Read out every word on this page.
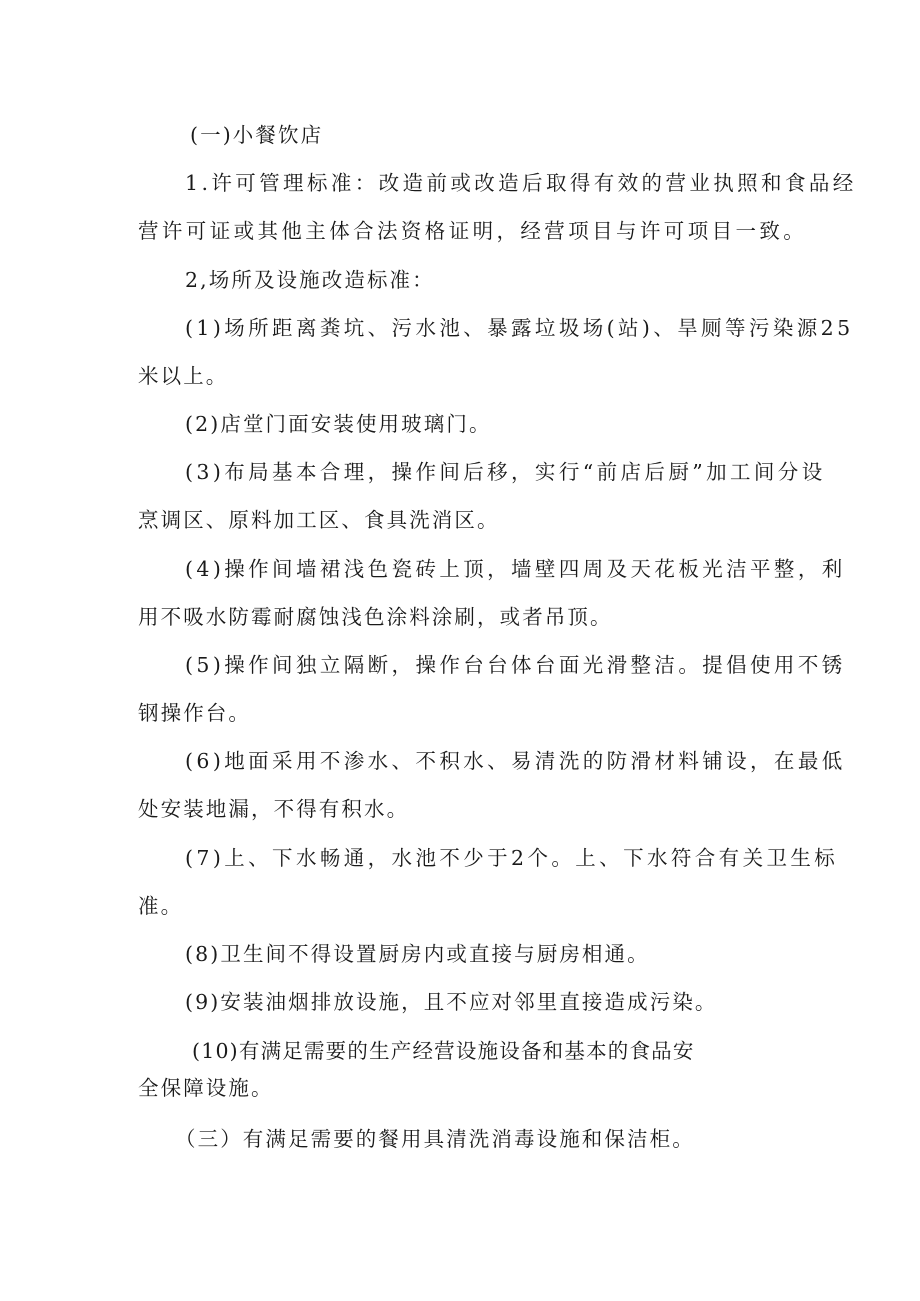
(一)小餐饮店
1.许可管理标准：改造前或改造后取得有效的营业执照和食品经
营许可证或其他主体合法资格证明，经营项目与许可项目一致。
2,场所及设施改造标准：
(1)场所距离粪坑、污水池、暴露垃圾场(站)、旱厕等污染源25
米以上。
(2)店堂门面安装使用玻璃门。
(3)布局基本合理，操作间后移，实行“前店后厨”加工间分设
烹调区、原料加工区、食具洗消区。
(4)操作间墙裙浅色瓷砖上顶，墙壁四周及天花板光洁平整，利
用不吸水防霉耐腐蚀浅色涂料涂刷，或者吊顶。
(5)操作间独立隔断，操作台台体台面光滑整洁。提倡使用不锈
钢操作台。
(6)地面采用不渗水、不积水、易清洗的防滑材料铺设，在最低
处安装地漏，不得有积水。
(7)上、下水畅通，水池不少于2个。上、下水符合有关卫生标
准。
(8)卫生间不得设置厨房内或直接与厨房相通。
(9)安装油烟排放设施，且不应对邻里直接造成污染。
(10)有满足需要的生产经营设施设备和基本的食品安
全保障设施。
（三）有满足需要的餐用具清洗消毒设施和保洁柜。
